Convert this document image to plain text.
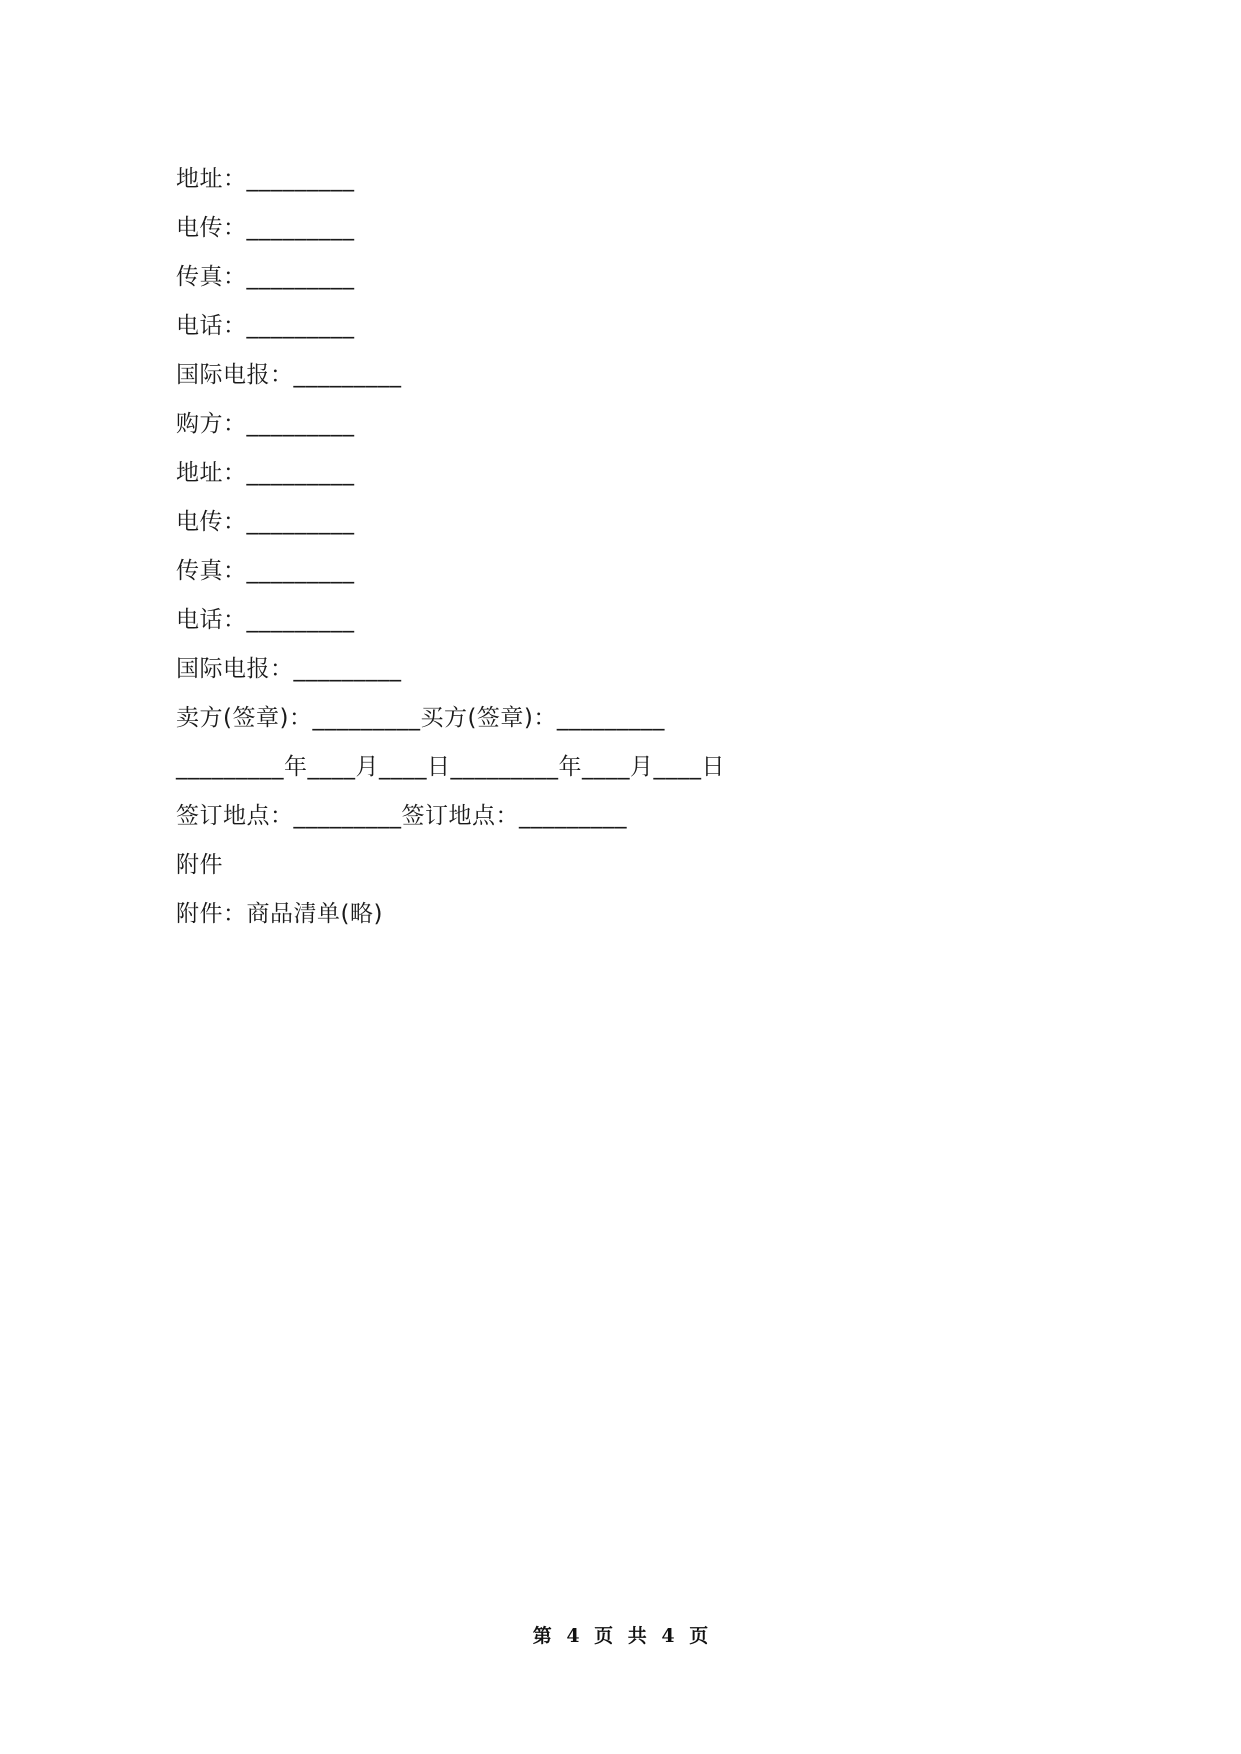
地址：_________
电传：_________
传真：_________
电话：_________
国际电报：_________
购方：_________
地址：_________
电传：_________
传真：_________
电话：_________
国际电报：_________
卖方(签章)：_________买方(签章)：_________
_________年____月____日_________年____月____日
签订地点：_________签订地点：_________
附件
附件：商品清单(略)
第 4 页 共 4 页
